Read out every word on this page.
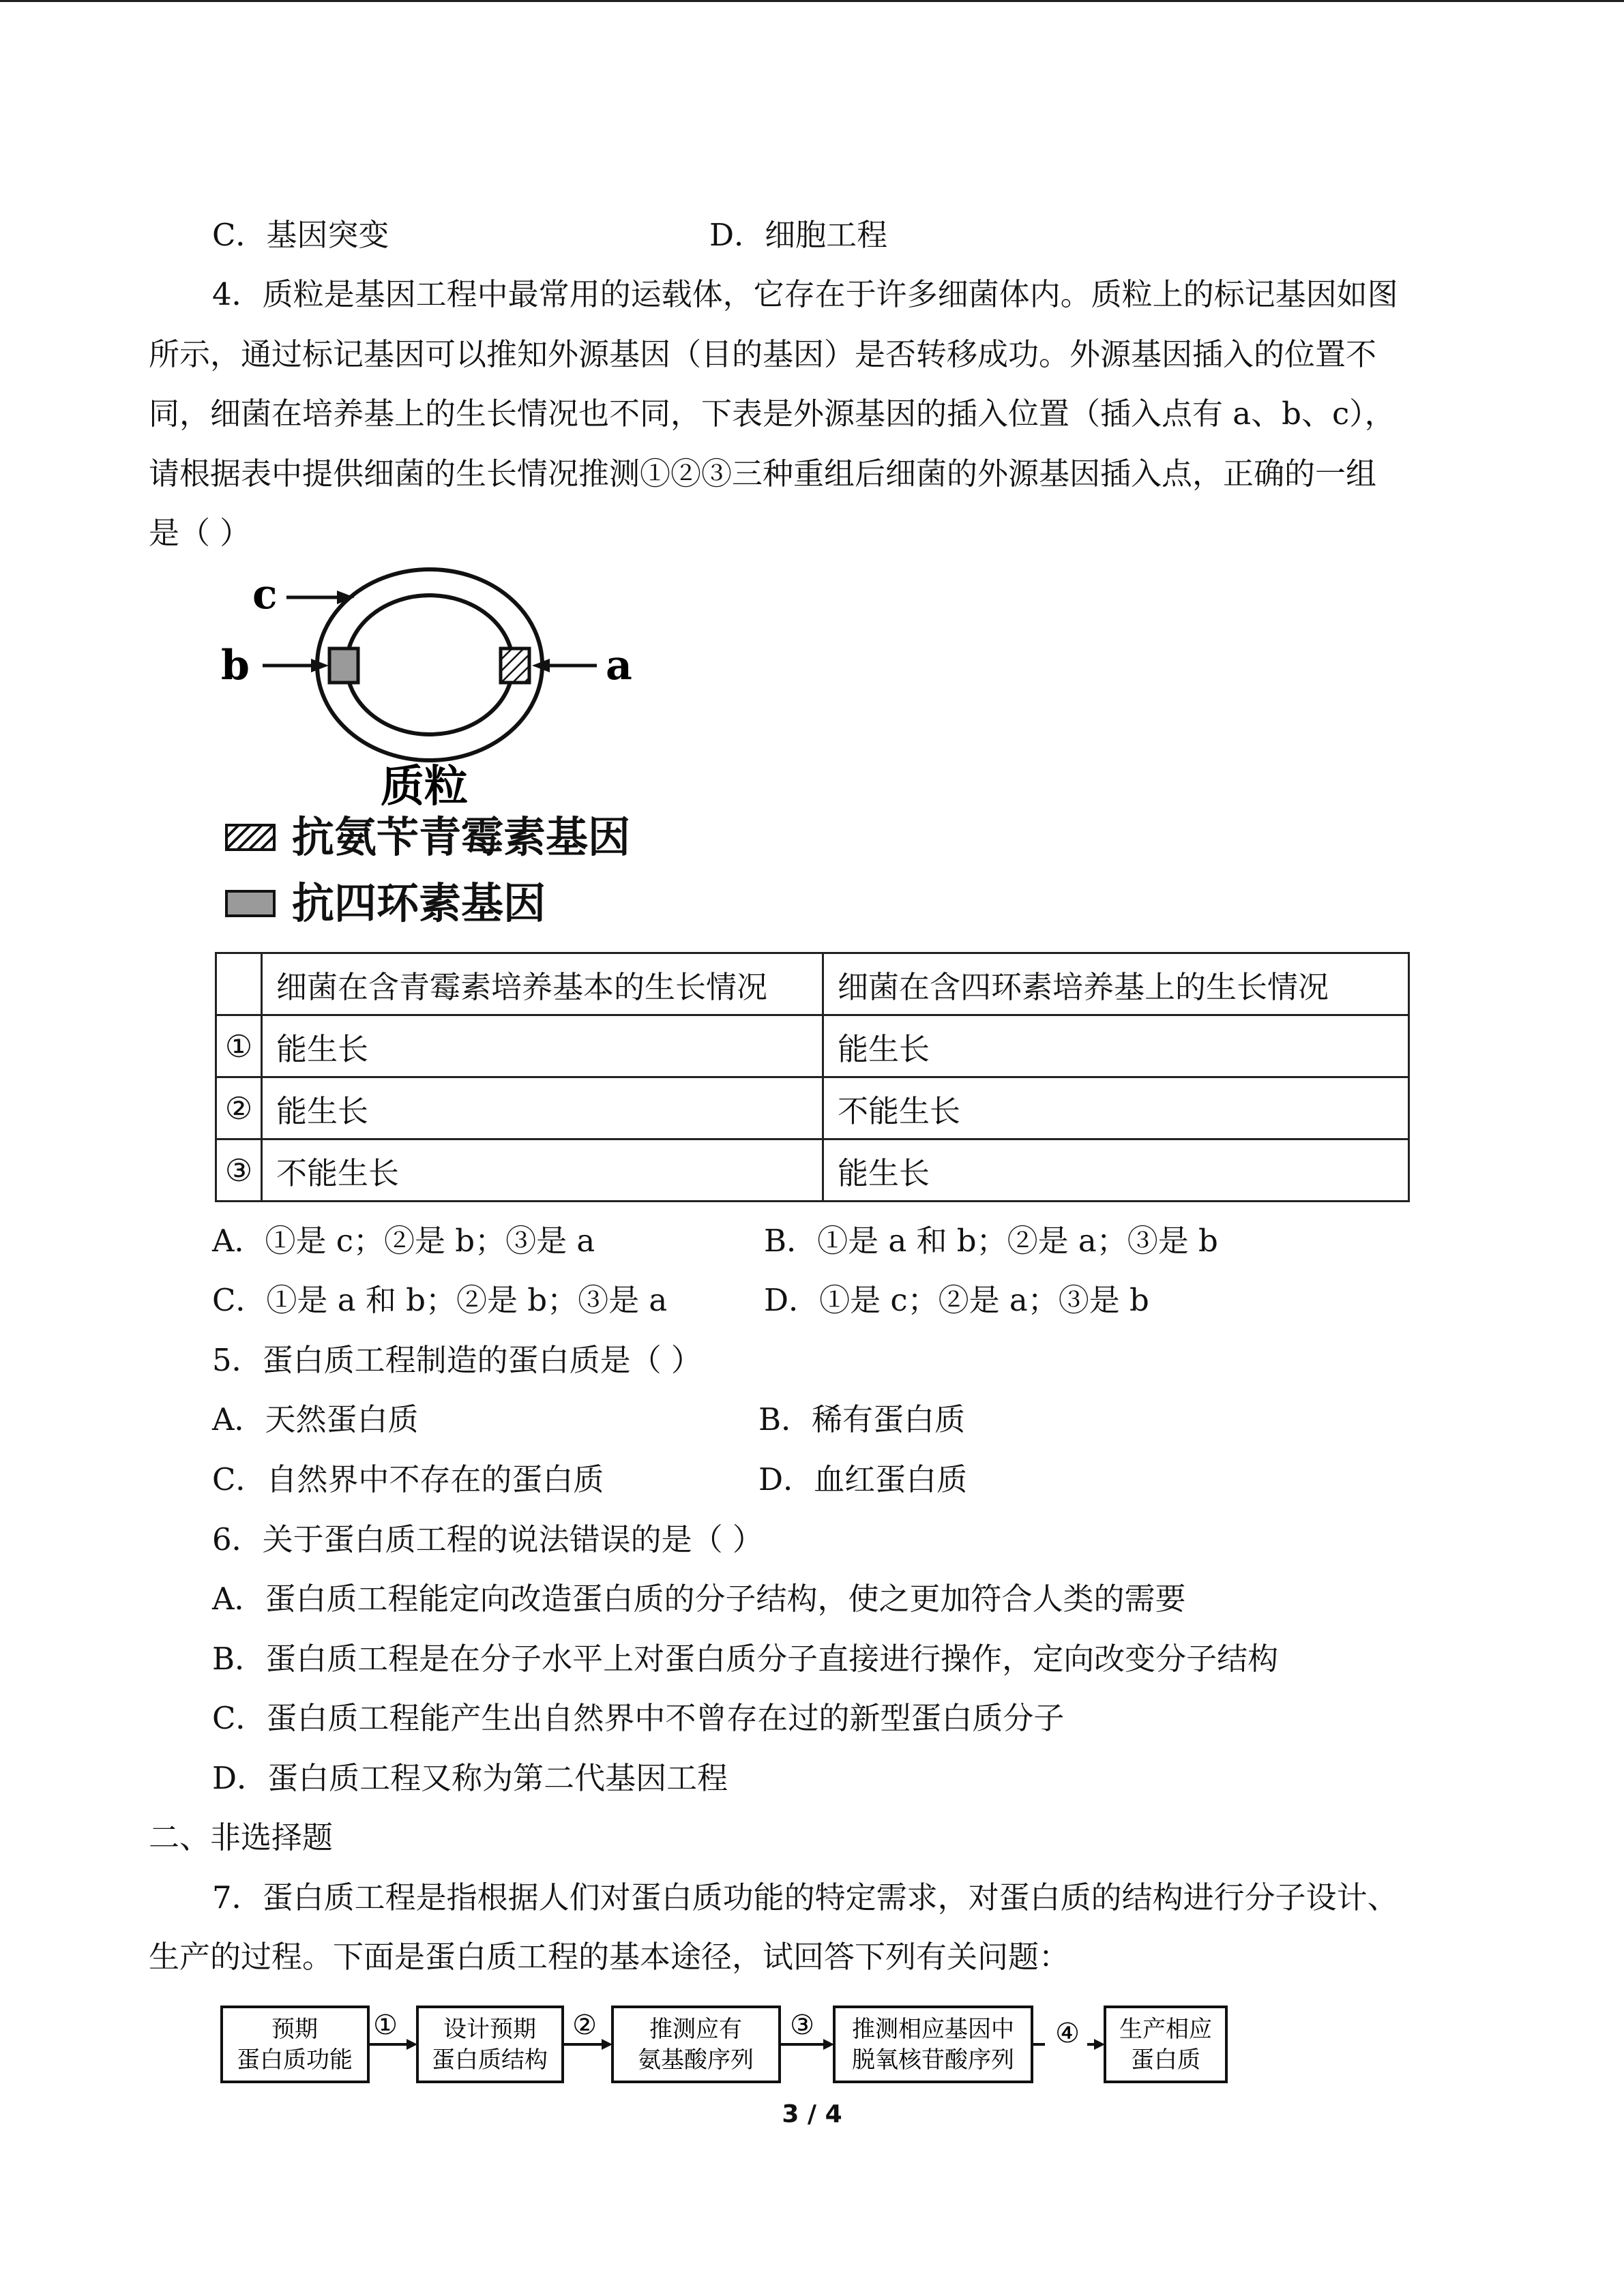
C．基因突变	D．细胞工程
4．质粒是基因工程中最常用的运载体，它存在于许多细菌体内。质粒上的标记基因如图
所示，通过标记基因可以推知外源基因（目的基因）是否转移成功。外源基因插入的位置不
同，细菌在培养基上的生长情况也不同，下表是外源基因的插入位置（插入点有 a、b、c），
请根据表中提供细菌的生长情况推测①②③三种重组后细菌的外源基因插入点，正确的一组
是（ ）
c
b	a
质粒
抗氨苄青霉素基因
抗四环素基因
	细菌在含青霉素培养基本的生长情况	细菌在含四环素培养基上的生长情况
①	能生长	能生长
②	能生长	不能生长
③	不能生长	能生长
A．①是 c；②是 b；③是 a	B．①是 a 和 b；②是 a；③是 b
C．①是 a 和 b；②是 b；③是 a	D．①是 c；②是 a；③是 b
5．蛋白质工程制造的蛋白质是（ ）
A．天然蛋白质	B．稀有蛋白质
C．自然界中不存在的蛋白质	D．血红蛋白质
6．关于蛋白质工程的说法错误的是（ ）
A．蛋白质工程能定向改造蛋白质的分子结构，使之更加符合人类的需要
B．蛋白质工程是在分子水平上对蛋白质分子直接进行操作，定向改变分子结构
C．蛋白质工程能产生出自然界中不曾存在过的新型蛋白质分子
D．蛋白质工程又称为第二代基因工程
二、非选择题
7．蛋白质工程是指根据人们对蛋白质功能的特定需求，对蛋白质的结构进行分子设计、
生产的过程。下面是蛋白质工程的基本途径，试回答下列有关问题：
预期
蛋白质功能
设计预期
蛋白质结构
推测应有
氨基酸序列
推测相应基因中
脱氧核苷酸序列
生产相应
蛋白质
①	②	③	④
3 / 4
